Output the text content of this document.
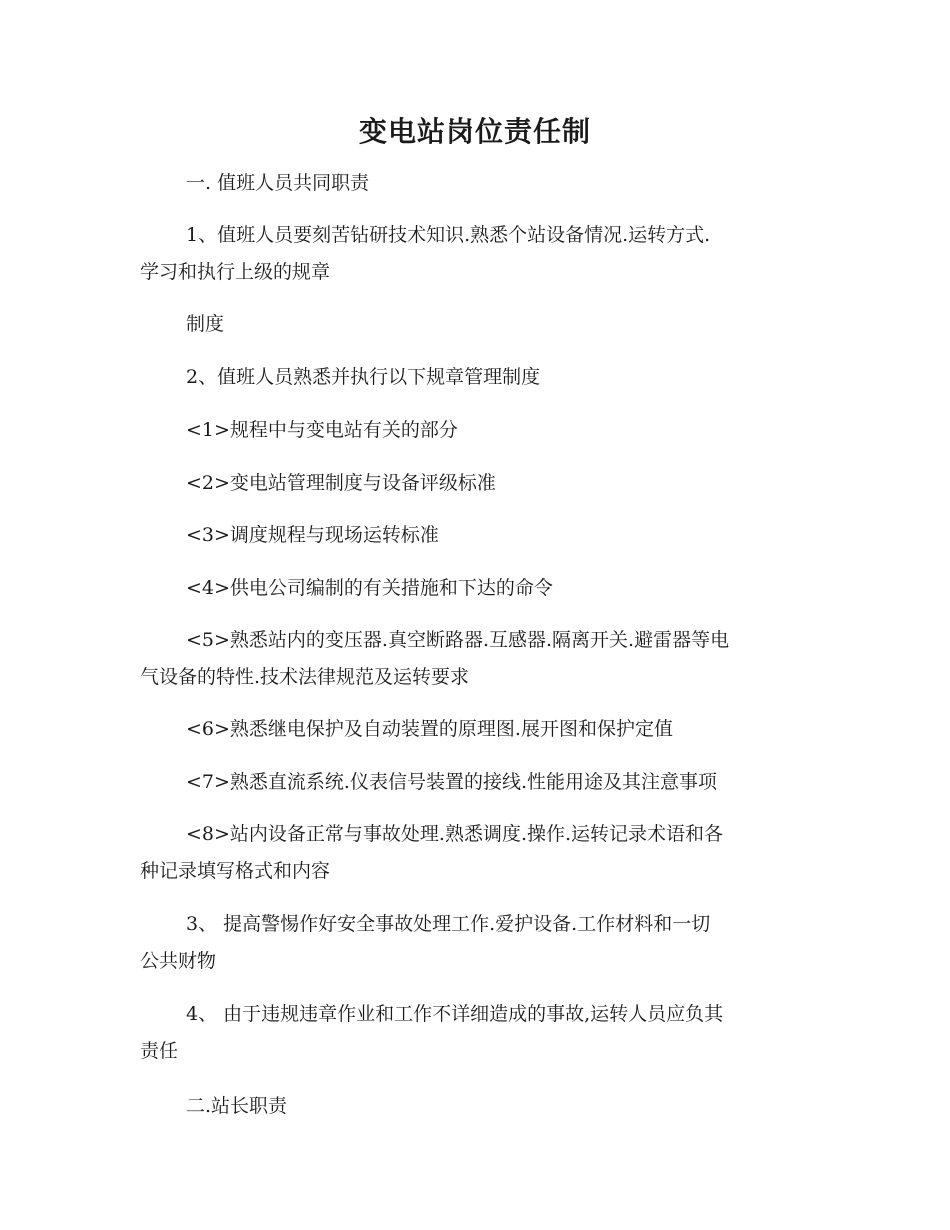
变电站岗位责任制
一. 值班人员共同职责
1、值班人员要刻苦钻研技术知识.熟悉个站设备情况.运转方式.
学习和执行上级的规章
制度
2、值班人员熟悉并执行以下规章管理制度
<1>规程中与变电站有关的部分
<2>变电站管理制度与设备评级标准
<3>调度规程与现场运转标准
<4>供电公司编制的有关措施和下达的命令
<5>熟悉站内的变压器.真空断路器.互感器.隔离开关.避雷器等电
气设备的特性.技术法律规范及运转要求
<6>熟悉继电保护及自动装置的原理图.展开图和保护定值
<7>熟悉直流系统.仪表信号装置的接线.性能用途及其注意事项
<8>站内设备正常与事故处理.熟悉调度.操作.运转记录术语和各
种记录填写格式和内容
3、 提高警惕作好安全事故处理工作.爱护设备.工作材料和一切
公共财物
4、 由于违规违章作业和工作不详细造成的事故,运转人员应负其
责任
二.站长职责
